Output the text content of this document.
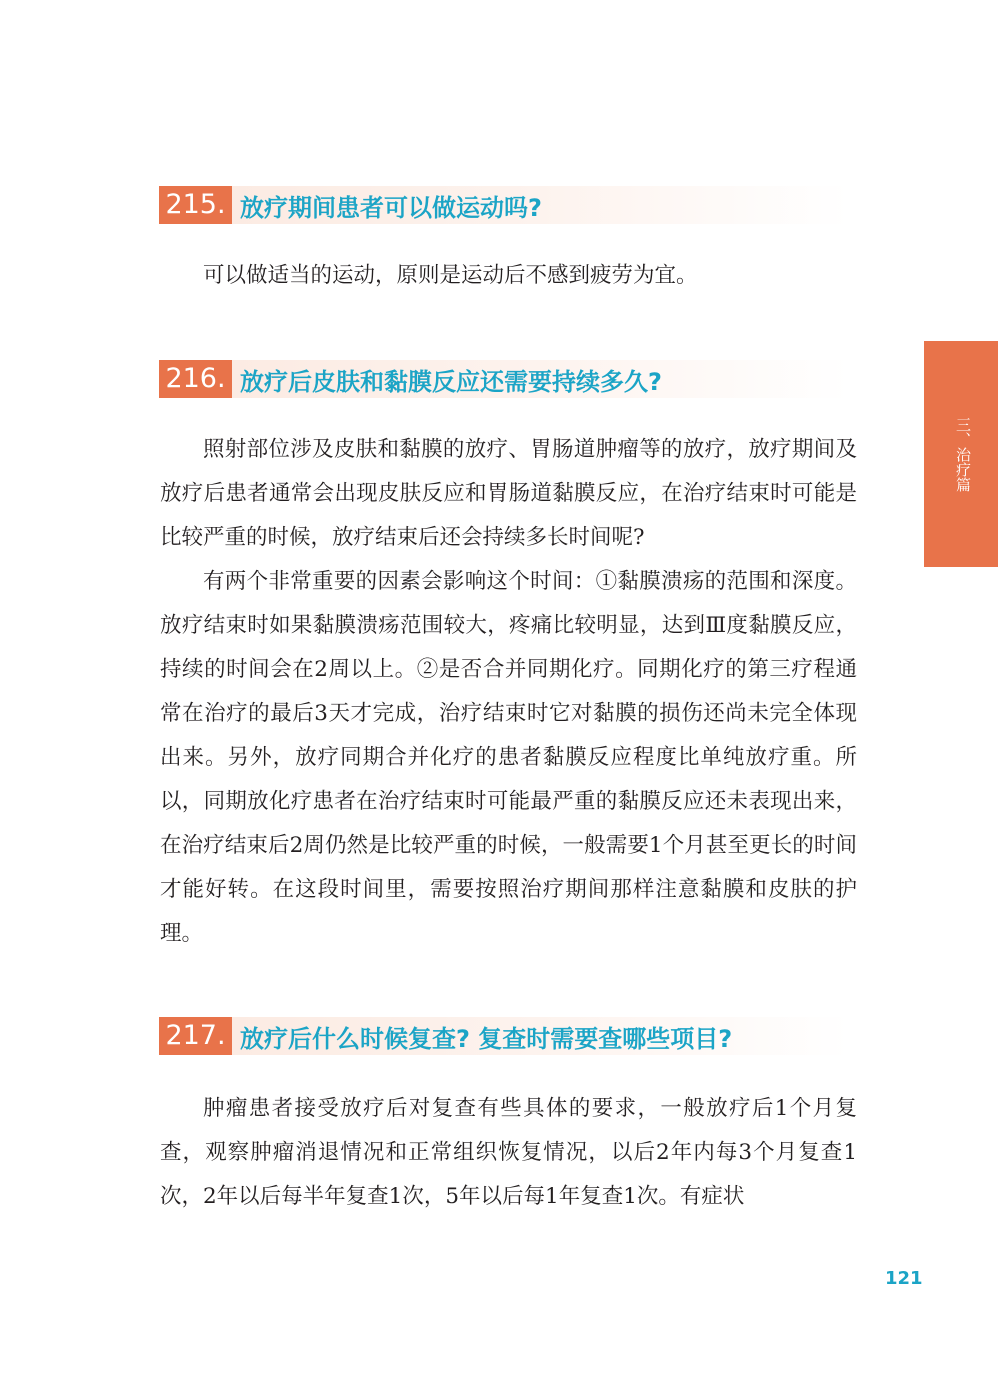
215. 放疗期间患者可以做运动吗?

可以做适当的运动，原则是运动后不感到疲劳为宜。

216. 放疗后皮肤和黏膜反应还需要持续多久?

照射部位涉及皮肤和黏膜的放疗、胃肠道肿瘤等的放疗，放疗期间及放疗后患者通常会出现皮肤反应和胃肠道黏膜反应，在治疗结束时可能是比较严重的时候，放疗结束后还会持续多长时间呢?

有两个非常重要的因素会影响这个时间：①黏膜溃疡的范围和深度。放疗结束时如果黏膜溃疡范围较大，疼痛比较明显，达到Ⅲ度黏膜反应，持续的时间会在2周以上。②是否合并同期化疗。同期化疗的第三疗程通常在治疗的最后3天才完成，治疗结束时它对黏膜的损伤还尚未完全体现出来。另外，放疗同期合并化疗的患者黏膜反应程度比单纯放疗重。所以，同期放化疗患者在治疗结束时可能最严重的黏膜反应还未表现出来，在治疗结束后2周仍然是比较严重的时候，一般需要1个月甚至更长的时间才能好转。在这段时间里，需要按照治疗期间那样注意黏膜和皮肤的护理。

217. 放疗后什么时候复查? 复查时需要查哪些项目?

肿瘤患者接受放疗后对复查有些具体的要求，一般放疗后1个月复查，观察肿瘤消退情况和正常组织恢复情况，以后2年内每3个月复查1次，2年以后每半年复查1次，5年以后每1年复查1次。有症状

三、治疗篇
121
